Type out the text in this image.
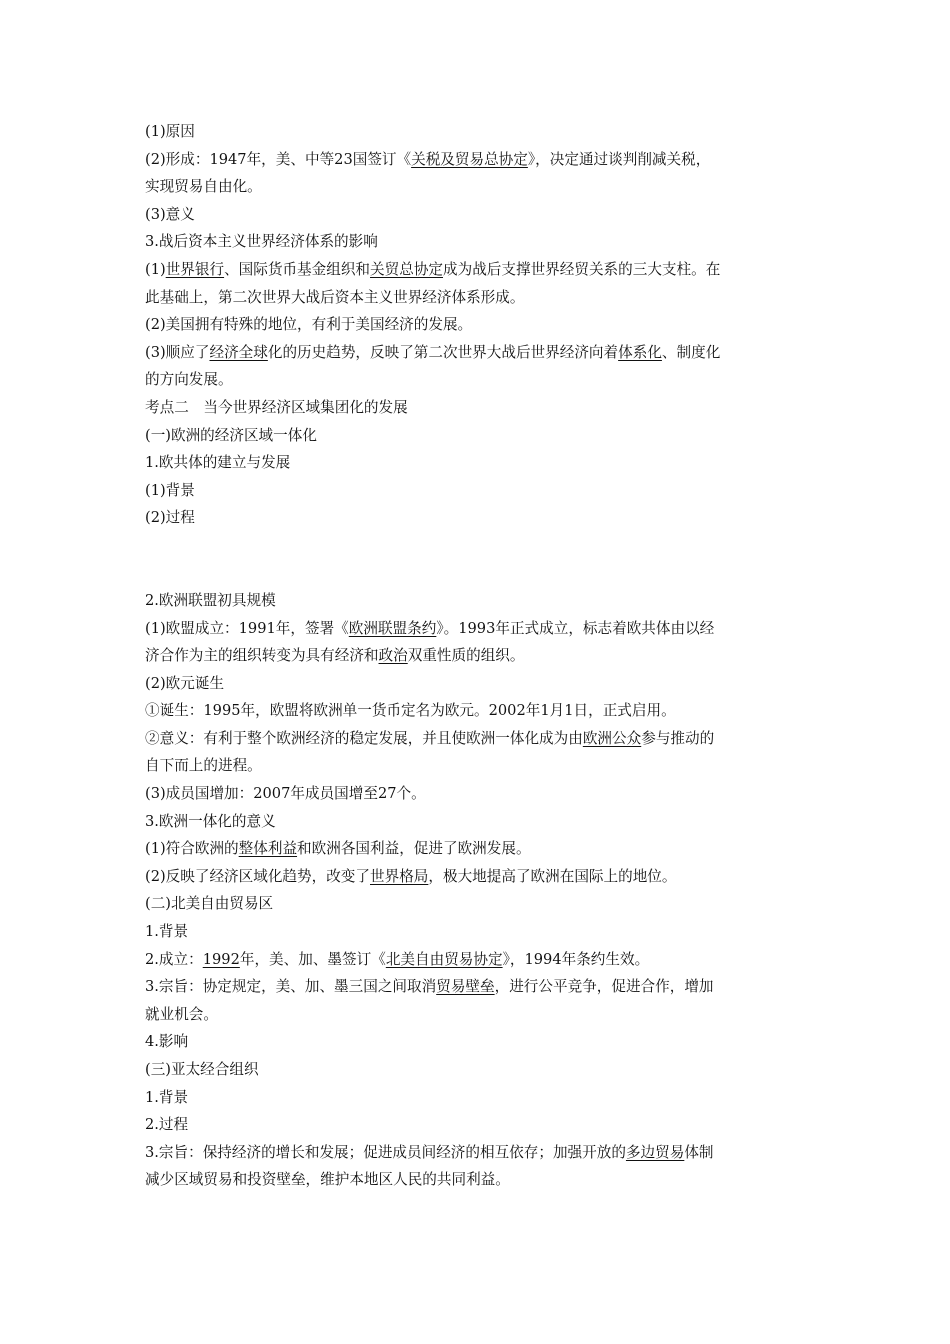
(1)原因
(2)形成：1947年，美、中等23国签订《关税及贸易总协定》，决定通过谈判削减关税，
实现贸易自由化。
(3)意义
3.战后资本主义世界经济体系的影响
(1)世界银行、国际货币基金组织和关贸总协定成为战后支撑世界经贸关系的三大支柱。在
此基础上，第二次世界大战后资本主义世界经济体系形成。
(2)美国拥有特殊的地位，有利于美国经济的发展。
(3)顺应了经济全球化的历史趋势，反映了第二次世界大战后世界经济向着体系化、制度化
的方向发展。
考点二　当今世界经济区域集团化的发展
(一)欧洲的经济区域一体化
1.欧共体的建立与发展
(1)背景
(2)过程
2.欧洲联盟初具规模
(1)欧盟成立：1991年，签署《欧洲联盟条约》。1993年正式成立，标志着欧共体由以经
济合作为主的组织转变为具有经济和政治双重性质的组织。
(2)欧元诞生
①诞生：1995年，欧盟将欧洲单一货币定名为欧元。2002年1月1日，正式启用。
②意义：有利于整个欧洲经济的稳定发展，并且使欧洲一体化成为由欧洲公众参与推动的
自下而上的进程。
(3)成员国增加：2007年成员国增至27个。
3.欧洲一体化的意义
(1)符合欧洲的整体利益和欧洲各国利益，促进了欧洲发展。
(2)反映了经济区域化趋势，改变了世界格局，极大地提高了欧洲在国际上的地位。
(二)北美自由贸易区
1.背景
2.成立：1992年，美、加、墨签订《北美自由贸易协定》，1994年条约生效。
3.宗旨：协定规定，美、加、墨三国之间取消贸易壁垒，进行公平竞争，促进合作，增加
就业机会。
4.影响
(三)亚太经合组织
1.背景
2.过程
3.宗旨：保持经济的增长和发展；促进成员间经济的相互依存；加强开放的多边贸易体制
减少区域贸易和投资壁垒，维护本地区人民的共同利益。
